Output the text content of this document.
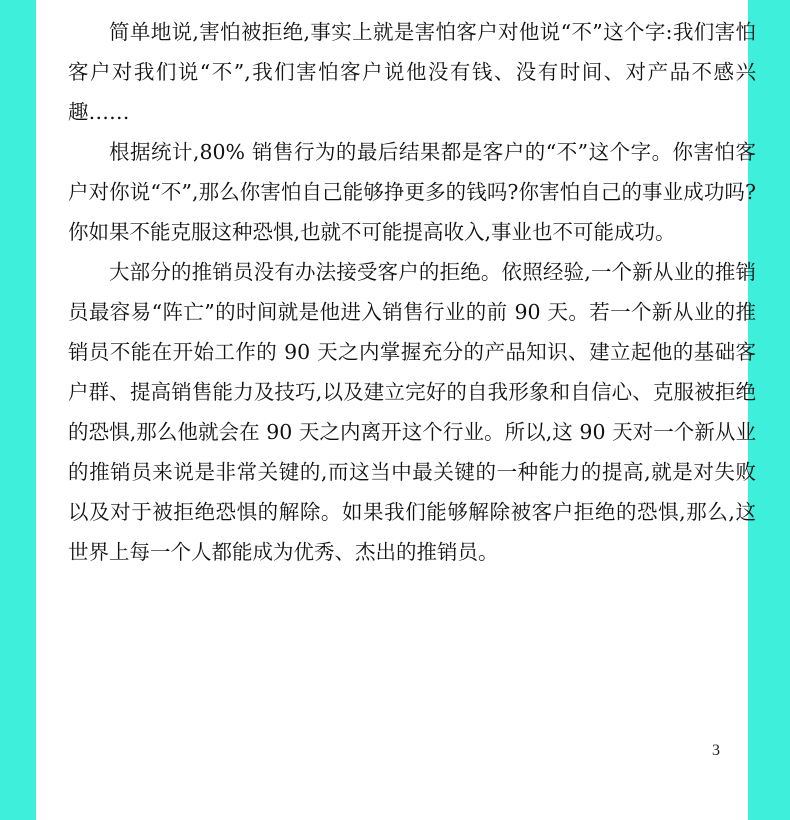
简单地说,害怕被拒绝,事实上就是害怕客户对他说“不”这个字:我们害怕客户对我们说“不”,我们害怕客户说他没有钱、没有时间、对产品不感兴趣……

根据统计,80% 销售行为的最后结果都是客户的“不”这个字。你害怕客户对你说“不”,那么你害怕自己能够挣更多的钱吗?你害怕自己的事业成功吗?你如果不能克服这种恐惧,也就不可能提高收入,事业也不可能成功。

大部分的推销员没有办法接受客户的拒绝。依照经验,一个新从业的推销员最容易“阵亡”的时间就是他进入销售行业的前 90 天。若一个新从业的推销员不能在开始工作的 90 天之内掌握充分的产品知识、建立起他的基础客户群、提高销售能力及技巧,以及建立完好的自我形象和自信心、克服被拒绝的恐惧,那么他就会在 90 天之内离开这个行业。所以,这 90 天对一个新从业的推销员来说是非常关键的,而这当中最关键的一种能力的提高,就是对失败以及对于被拒绝恐惧的解除。如果我们能够解除被客户拒绝的恐惧,那么,这世界上每一个人都能成为优秀、杰出的推销员。

3
